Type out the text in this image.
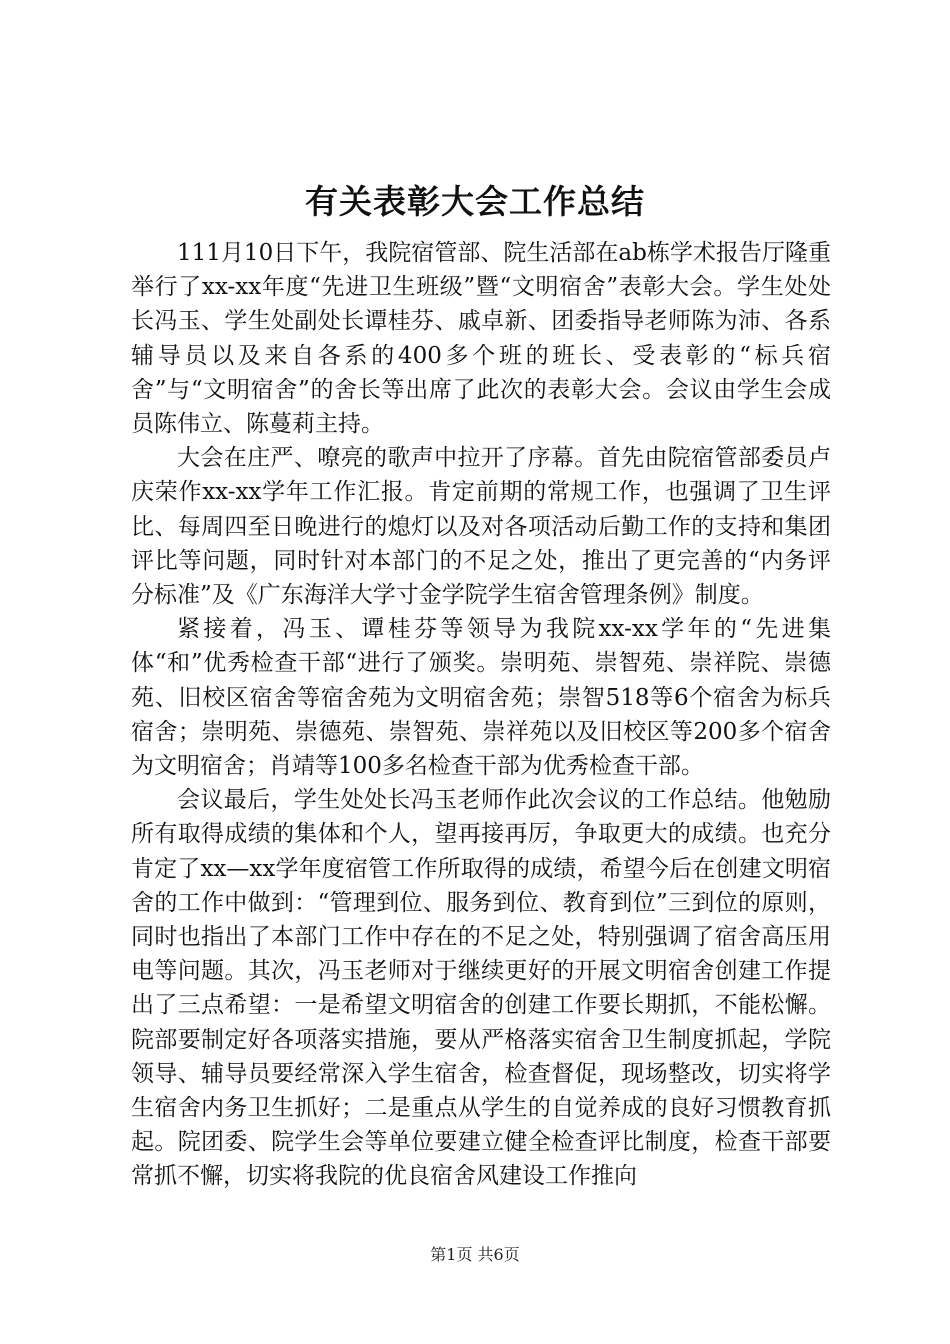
有关表彰大会工作总结

111月10日下午，我院宿管部、院生活部在ab栋学术报告厅隆重举行了xx-xx年度“先进卫生班级”暨“文明宿舍”表彰大会。学生处处长冯玉、学生处副处长谭桂芬、戚卓新、团委指导老师陈为沛、各系辅导员以及来自各系的400多个班的班长、受表彰的“标兵宿舍”与“文明宿舍”的舍长等出席了此次的表彰大会。会议由学生会成员陈伟立、陈蔓莉主持。

大会在庄严、嘹亮的歌声中拉开了序幕。首先由院宿管部委员卢庆荣作xx-xx学年工作汇报。肯定前期的常规工作，也强调了卫生评比、每周四至日晚进行的熄灯以及对各项活动后勤工作的支持和集团评比等问题，同时针对本部门的不足之处，推出了更完善的“内务评分标准”及《广东海洋大学寸金学院学生宿舍管理条例》制度。

紧接着，冯玉、谭桂芬等领导为我院xx-xx学年的“先进集体“和”优秀检查干部“进行了颁奖。崇明苑、崇智苑、崇祥院、崇德苑、旧校区宿舍等宿舍苑为文明宿舍苑；崇智518等6个宿舍为标兵宿舍；崇明苑、崇德苑、崇智苑、崇祥苑以及旧校区等200多个宿舍为文明宿舍；肖靖等100多名检查干部为优秀检查干部。

会议最后，学生处处长冯玉老师作此次会议的工作总结。他勉励所有取得成绩的集体和个人，望再接再厉，争取更大的成绩。也充分肯定了xx—xx学年度宿管工作所取得的成绩，希望今后在创建文明宿舍的工作中做到：“管理到位、服务到位、教育到位”三到位的原则，同时也指出了本部门工作中存在的不足之处，特别强调了宿舍高压用电等问题。其次，冯玉老师对于继续更好的开展文明宿舍创建工作提出了三点希望：一是希望文明宿舍的创建工作要长期抓，不能松懈。院部要制定好各项落实措施，要从严格落实宿舍卫生制度抓起，学院领导、辅导员要经常深入学生宿舍，检查督促，现场整改，切实将学生宿舍内务卫生抓好；二是重点从学生的自觉养成的良好习惯教育抓起。院团委、院学生会等单位要建立健全检查评比制度，检查干部要常抓不懈，切实将我院的优良宿舍风建设工作推向

第1页 共6页
